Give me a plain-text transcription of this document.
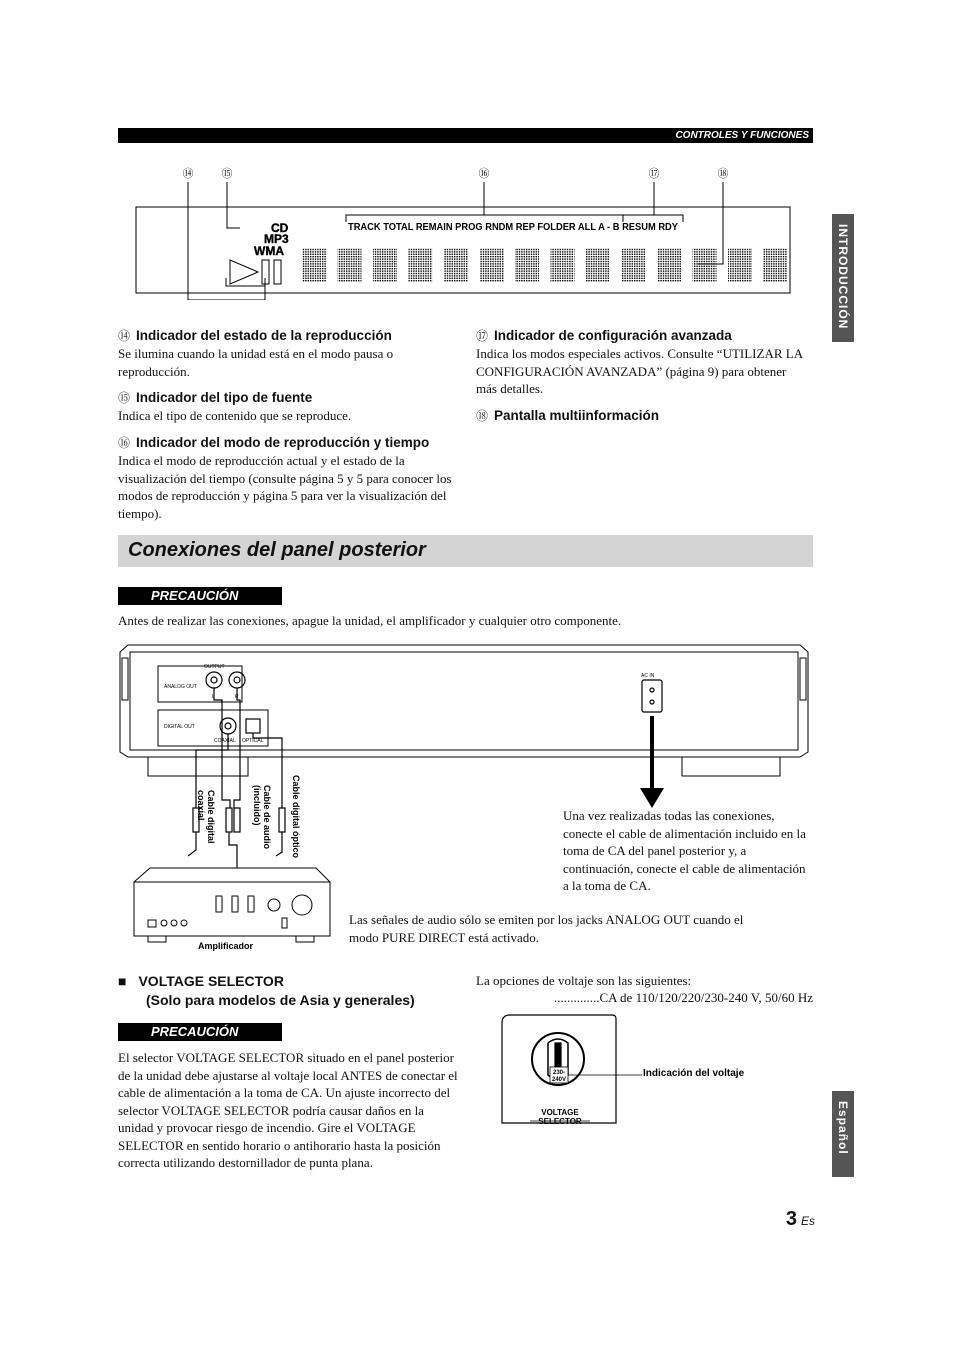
CONTROLES Y FUNCIONES
INTRODUCCIÓN
Español
⑭	⑮	⑯	⑰	⑱
CD
MP3
WMA
TRACK TOTAL REMAIN PROG RNDM REP FOLDER ALL A - B RESUM RDY
⑭ Indicador del estado de la reproducción
Se ilumina cuando la unidad está en el modo pausa o reproducción.
⑮ Indicador del tipo de fuente
Indica el tipo de contenido que se reproduce.
⑯ Indicador del modo de reproducción y tiempo
Indica el modo de reproducción actual y el estado de la visualización del tiempo (consulte página 5 y 5 para conocer los modos de reproducción y página 5 para ver la visualización del tiempo).
⑰ Indicador de configuración avanzada
Indica los modos especiales activos. Consulte “UTILIZAR LA CONFIGURACIÓN AVANZADA” (página 9) para obtener más detalles.
⑱ Pantalla multiinformación
Conexiones del panel posterior
PRECAUCIÓN
Antes de realizar las conexiones, apague la unidad, el amplificador y cualquier otro componente.
OUTPUT
ANALOG OUT
DIGITAL OUT
COAXIAL OPTICAL
AC IN
L	R
Cable digital
coaxial	Cable de audio
(incluido)	Cable digital óptico
Amplificador
Una vez realizadas todas las conexiones, conecte el cable de alimentación incluido en la toma de CA del panel posterior y, a continuación, conecte el cable de alimentación a la toma de CA.
Las señales de audio sólo se emiten por los jacks ANALOG OUT cuando el modo PURE DIRECT está activado.
■ VOLTAGE SELECTOR
(Solo para modelos de Asia y generales)
PRECAUCIÓN
El selector VOLTAGE SELECTOR situado en el panel posterior de la unidad debe ajustarse al voltaje local ANTES de conectar el cable de alimentación a la toma de CA. Un ajuste incorrecto del selector VOLTAGE SELECTOR podría causar daños en la unidad y provocar riesgo de incendio. Gire el VOLTAGE SELECTOR en sentido horario o antihorario hasta la posición correcta utilizando destornillador de punta plana.
La opciones de voltaje son las siguientes:
..............CA de 110/120/220/230-240 V, 50/60 Hz
230-
240V
VOLTAGE
SELECTOR
Indicación del voltaje
3 Es
